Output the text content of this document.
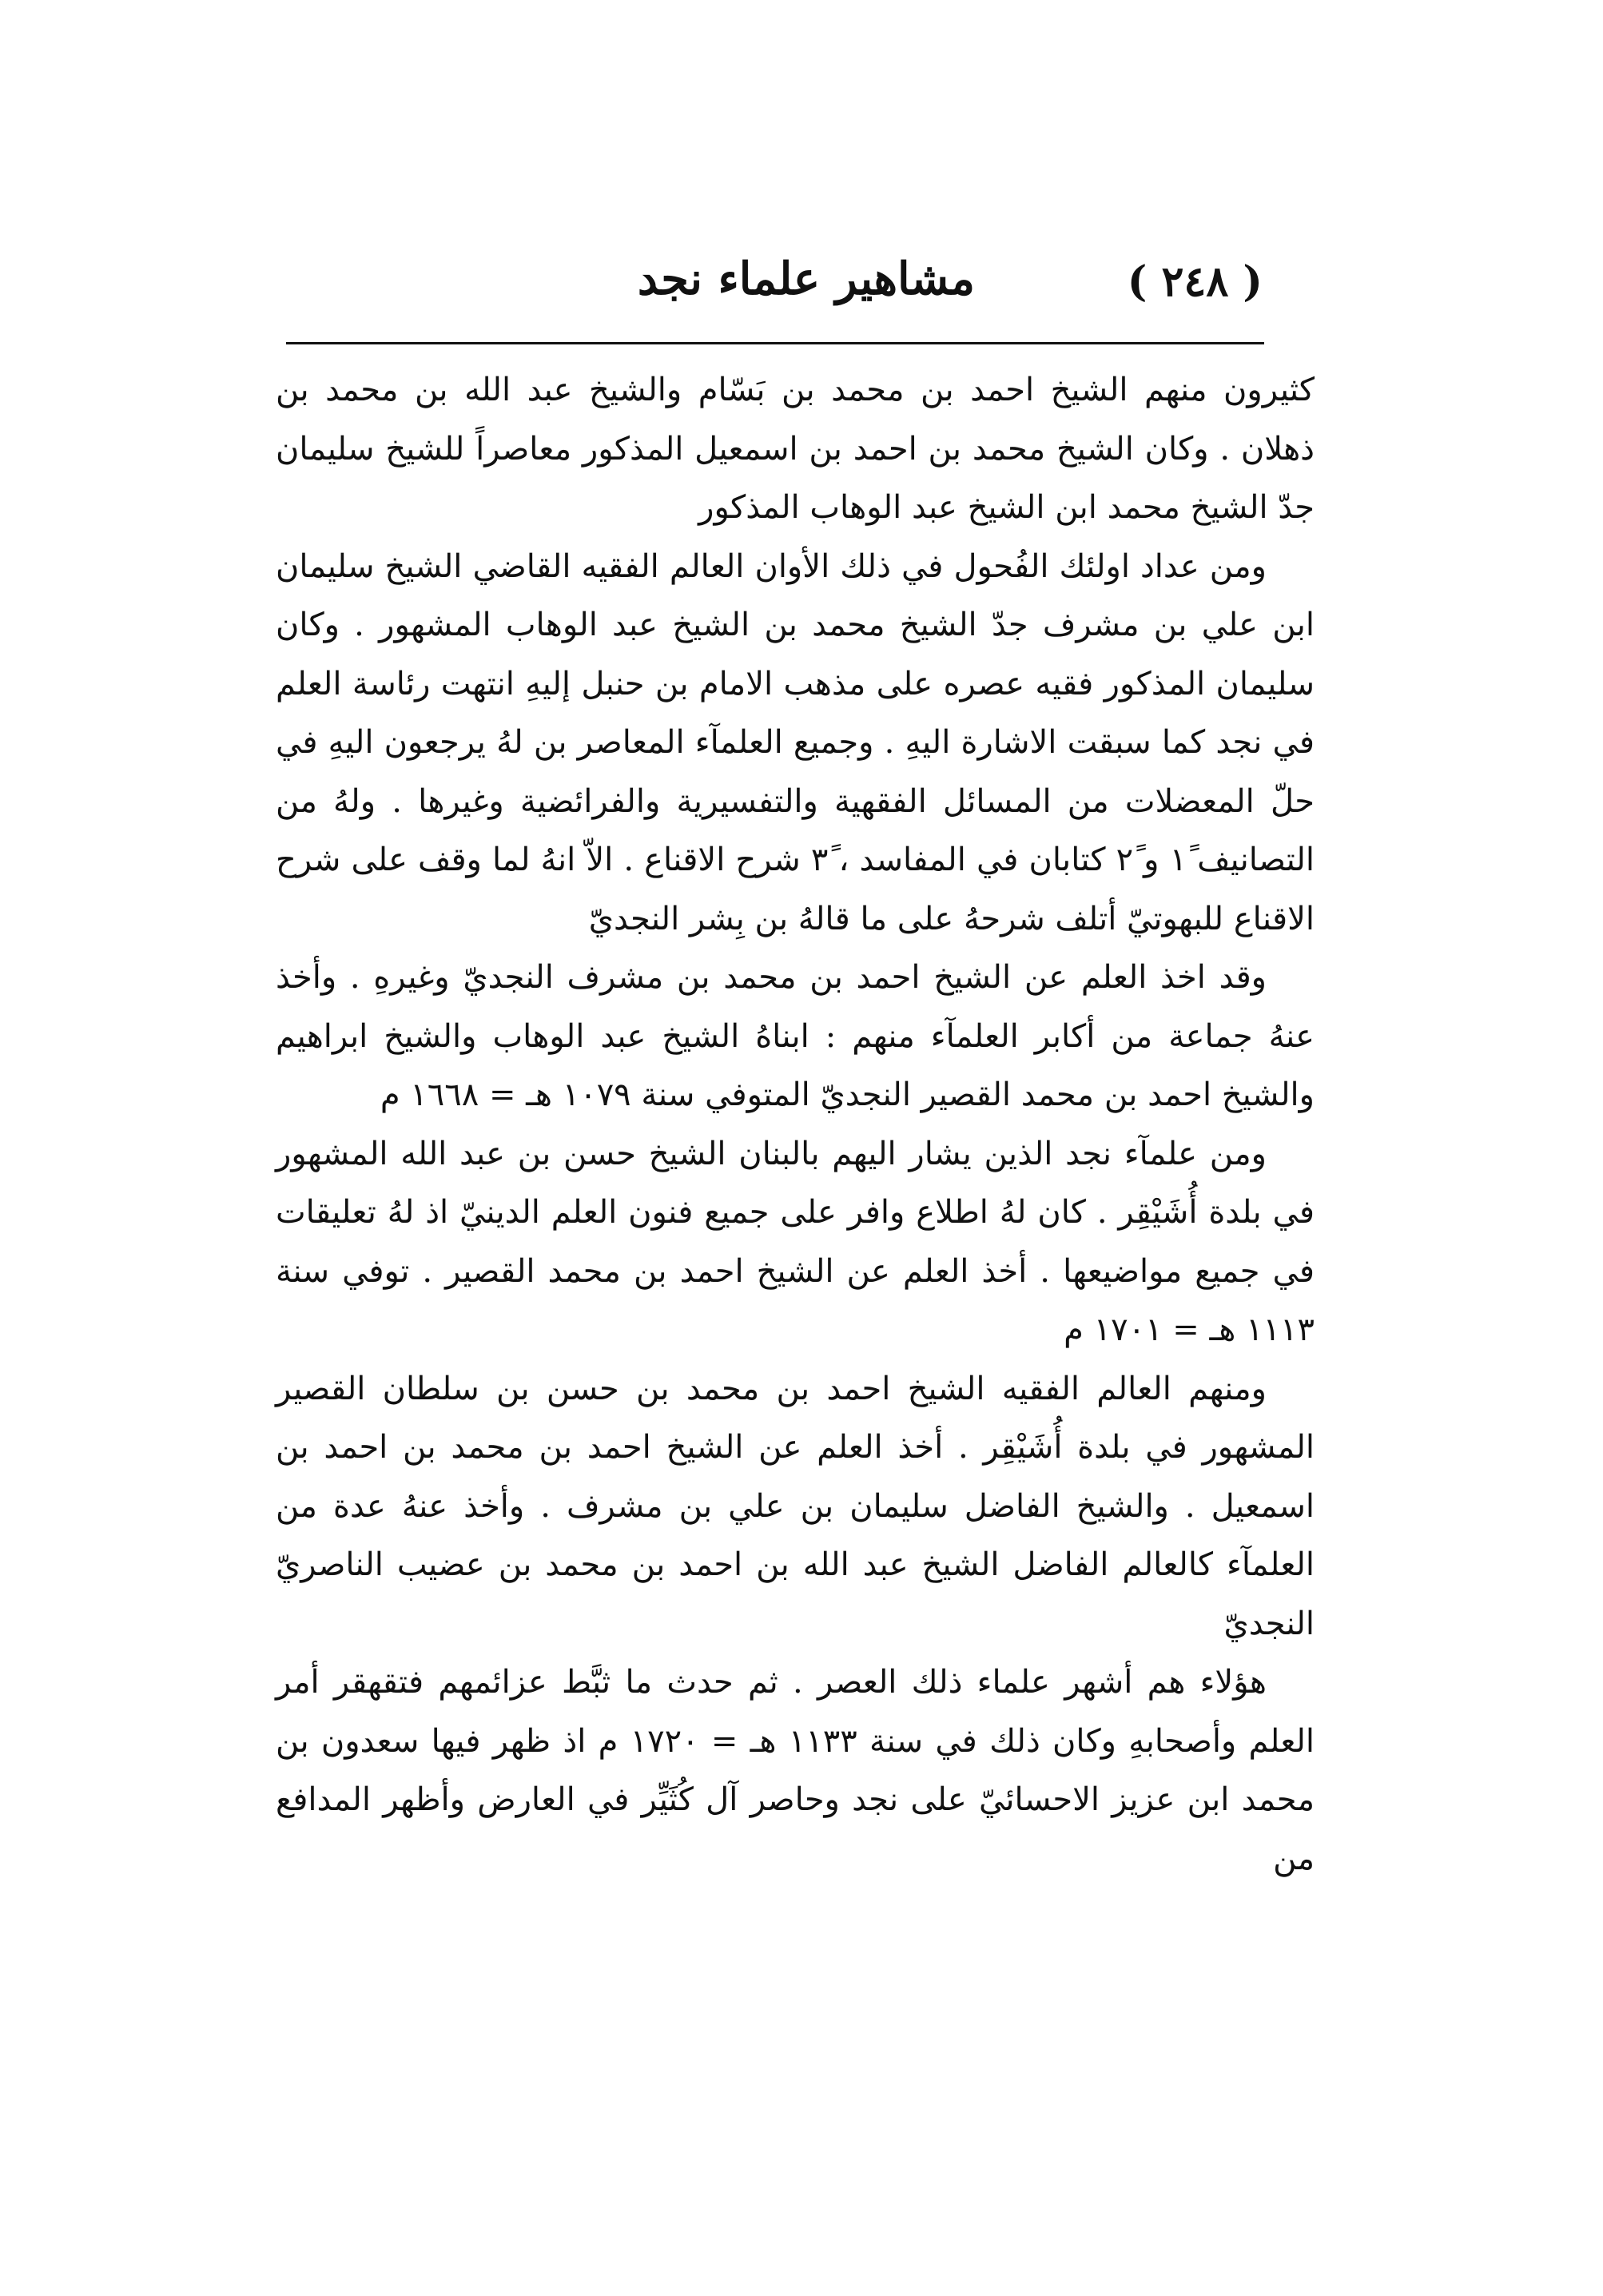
( ٢٤٨ )
مشاهير علماء نجد

كثيرون منهم الشيخ احمد بن محمد بن بَسّام والشيخ عبد الله بن محمد بن ذهلان . وكان الشيخ محمد بن احمد بن اسمعيل المذكور معاصراً للشيخ سليمان جدّ الشيخ محمد ابن الشيخ عبد الوهاب المذكور

ومن عداد اولئك الفُحول في ذلك الأوان العالم الفقيه القاضي الشيخ سليمان ابن علي بن مشرف جدّ الشيخ محمد بن الشيخ عبد الوهاب المشهور . وكان سليمان المذكور فقيه عصره على مذهب الامام بن حنبل إليهِ انتهت رئاسة العلم في نجد كما سبقت الاشارة اليهِ . وجميع العلمآء المعاصر بن لهُ يرجعون اليهِ في حلّ المعضلات من المسائل الفقهية والتفسيرية والفرائضية وغيرها . ولهُ من التصانيف ١ً و ٢ً كتابان في المفاسد ، ٣ً شرح الاقناع . الاّ انهُ لما وقف على شرح الاقناع للبهوتيّ أتلف شرحهُ على ما قالهُ بن بِشر النجديّ

وقد اخذ العلم عن الشيخ احمد بن محمد بن مشرف النجديّ وغيرهِ . وأخذ عنهُ جماعة من أكابر العلمآء منهم : ابناهُ الشيخ عبد الوهاب والشيخ ابراهيم والشيخ احمد بن محمد القصير النجديّ المتوفي سنة ١٠٧٩ هـ = ١٦٦٨ م

ومن علمآء نجد الذين يشار اليهم بالبنان الشيخ حسن بن عبد الله المشهور في بلدة أُشَيْقِر . كان لهُ اطلاع وافر على جميع فنون العلم الدينيّ اذ لهُ تعليقات في جميع مواضيعها . أخذ العلم عن الشيخ احمد بن محمد القصير . توفي سنة ١١١٣ هـ = ١٧٠١ م

ومنهم العالم الفقيه الشيخ احمد بن محمد بن حسن بن سلطان القصير المشهور في بلدة أُشَيْقِر . أخذ العلم عن الشيخ احمد بن محمد بن احمد بن اسمعيل . والشيخ الفاضل سليمان بن علي بن مشرف . وأخذ عنهُ عدة من العلمآء كالعالم الفاضل الشيخ عبد الله بن احمد بن محمد بن عضيب الناصريّ النجديّ

هؤلاء هم أشهر علماء ذلك العصر . ثم حدث ما ثبَّط عزائمهم فتقهقر أمر العلم وأصحابهِ وكان ذلك في سنة ١١٣٣ هـ = ١٧٢٠ م اذ ظهر فيها سعدون بن محمد ابن عزيز الاحسائيّ على نجد وحاصر آل كُثَيِّر في العارض وأظهر المدافع من
